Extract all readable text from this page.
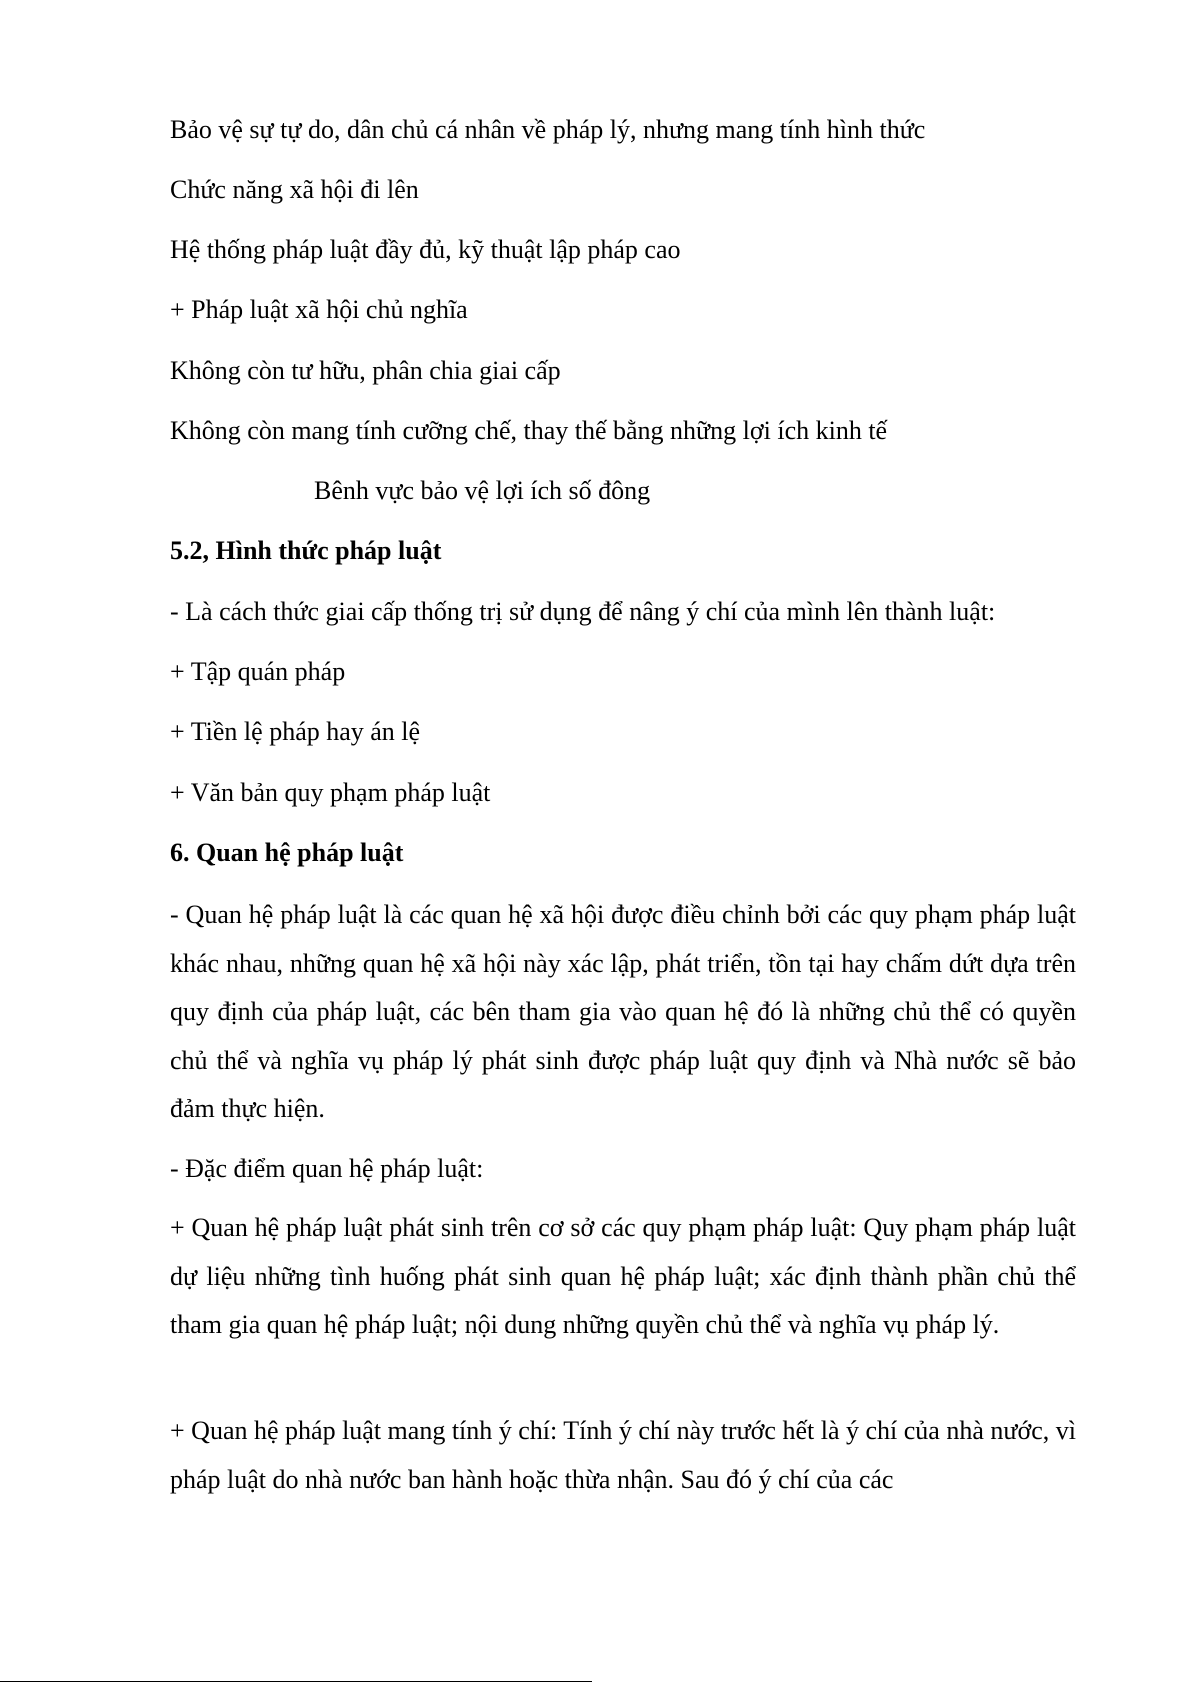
Bảo vệ sự tự do, dân chủ cá nhân về pháp lý, nhưng mang tính hình thức
Chức năng xã hội đi lên
Hệ thống pháp luật đầy đủ, kỹ thuật lập pháp cao
+ Pháp luật xã hội chủ nghĩa
Không còn tư hữu, phân chia giai cấp
Không còn mang tính cưỡng chế, thay thế bằng những lợi ích kinh tế
Bênh vực bảo vệ lợi ích số đông
5.2, Hình thức pháp luật
- Là cách thức giai cấp thống trị sử dụng để nâng ý chí của mình lên thành luật:
+ Tập quán pháp
+ Tiền lệ pháp hay án lệ
+ Văn bản quy phạm pháp luật
6. Quan hệ pháp luật
- Quan hệ pháp luật là các quan hệ xã hội được điều chỉnh bởi các quy phạm pháp luật khác nhau, những quan hệ xã hội này xác lập, phát triển, tồn tại hay chấm dứt dựa trên quy định của pháp luật, các bên tham gia vào quan hệ đó là những chủ thể có quyền chủ thể và nghĩa vụ pháp lý phát sinh được pháp luật quy định và Nhà nước sẽ bảo đảm thực hiện.
- Đặc điểm quan hệ pháp luật:
+ Quan hệ pháp luật phát sinh trên cơ sở các quy phạm pháp luật: Quy phạm pháp luật dự liệu những tình huống phát sinh quan hệ pháp luật; xác định thành phần chủ thể tham gia quan hệ pháp luật; nội dung những quyền chủ thể và nghĩa vụ pháp lý.
+ Quan hệ pháp luật mang tính ý chí: Tính ý chí này trước hết là ý chí của nhà nước, vì pháp luật do nhà nước ban hành hoặc thừa nhận. Sau đó ý chí của các
